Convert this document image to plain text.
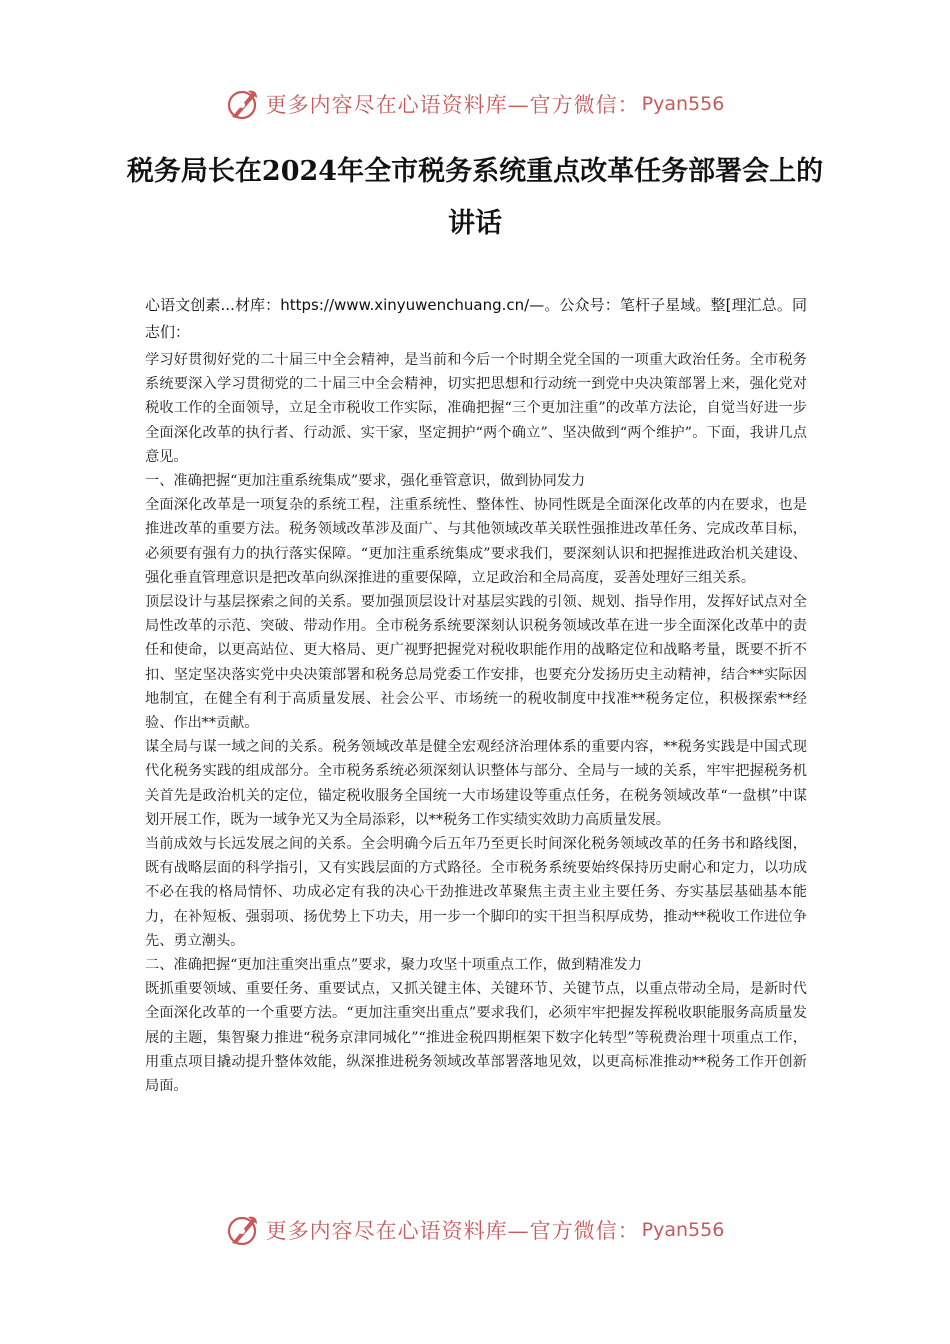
更多内容尽在心语资料库—官方微信： Pyan556
税务局长在2024年全市税务系统重点改革任务部署会上的讲话

心语文创素...材库：https://www.xinyuwenchuang.cn/—。公众号：笔杆子星域。整[理汇总。同志们：

学习好贯彻好党的二十届三中全会精神，是当前和今后一个时期全党全国的一项重大政治任务。全市税务系统要深入学习贯彻党的二十届三中全会精神，切实把思想和行动统一到党中央决策部署上来，强化党对税收工作的全面领导，立足全市税收工作实际，准确把握“三个更加注重”的改革方法论，自觉当好进一步全面深化改革的执行者、行动派、实干家，坚定拥护“两个确立”、坚决做到“两个维护”。下面，我讲几点意见。

一、准确把握“更加注重系统集成”要求，强化垂管意识，做到协同发力

全面深化改革是一项复杂的系统工程，注重系统性、整体性、协同性既是全面深化改革的内在要求，也是推进改革的重要方法。税务领域改革涉及面广、与其他领域改革关联性强推进改革任务、完成改革目标，必须要有强有力的执行落实保障。“更加注重系统集成”要求我们，要深刻认识和把握推进政治机关建设、强化垂直管理意识是把改革向纵深推进的重要保障，立足政治和全局高度，妥善处理好三组关系。

顶层设计与基层探索之间的关系。要加强顶层设计对基层实践的引领、规划、指导作用，发挥好试点对全局性改革的示范、突破、带动作用。全市税务系统要深刻认识税务领域改革在进一步全面深化改革中的责任和使命，以更高站位、更大格局、更广视野把握党对税收职能作用的战略定位和战略考量，既要不折不扣、坚定坚决落实党中央决策部署和税务总局党委工作安排，也要充分发扬历史主动精神，结合**实际因地制宜，在健全有利于高质量发展、社会公平、市场统一的税收制度中找准**税务定位，积极探索**经验、作出**贡献。

谋全局与谋一域之间的关系。税务领域改革是健全宏观经济治理体系的重要内容，**税务实践是中国式现代化税务实践的组成部分。全市税务系统必须深刻认识整体与部分、全局与一域的关系，牢牢把握税务机关首先是政治机关的定位，锚定税收服务全国统一大市场建设等重点任务，在税务领域改革“一盘棋”中谋划开展工作，既为一域争光又为全局添彩，以**税务工作实绩实效助力高质量发展。

当前成效与长远发展之间的关系。全会明确今后五年乃至更长时间深化税务领域改革的任务书和路线图，既有战略层面的科学指引，又有实践层面的方式路径。全市税务系统要始终保持历史耐心和定力，以功成不必在我的格局情怀、功成必定有我的决心干劲推进改革聚焦主责主业主要任务、夯实基层基础基本能力，在补短板、强弱项、扬优势上下功夫，用一步一个脚印的实干担当积厚成势，推动**税收工作进位争先、勇立潮头。

二、准确把握“更加注重突出重点”要求，聚力攻坚十项重点工作，做到精准发力

既抓重要领域、重要任务、重要试点，又抓关键主体、关键环节、关键节点，以重点带动全局，是新时代全面深化改革的一个重要方法。“更加注重突出重点”要求我们，必须牢牢把握发挥税收职能服务高质量发展的主题，集智聚力推进“税务京津同城化”“推进金税四期框架下数字化转型”等税费治理十项重点工作，用重点项目撬动提升整体效能，纵深推进税务领域改革部署落地见效，以更高标准推动**税务工作开创新局面。

更多内容尽在心语资料库—官方微信： Pyan556
